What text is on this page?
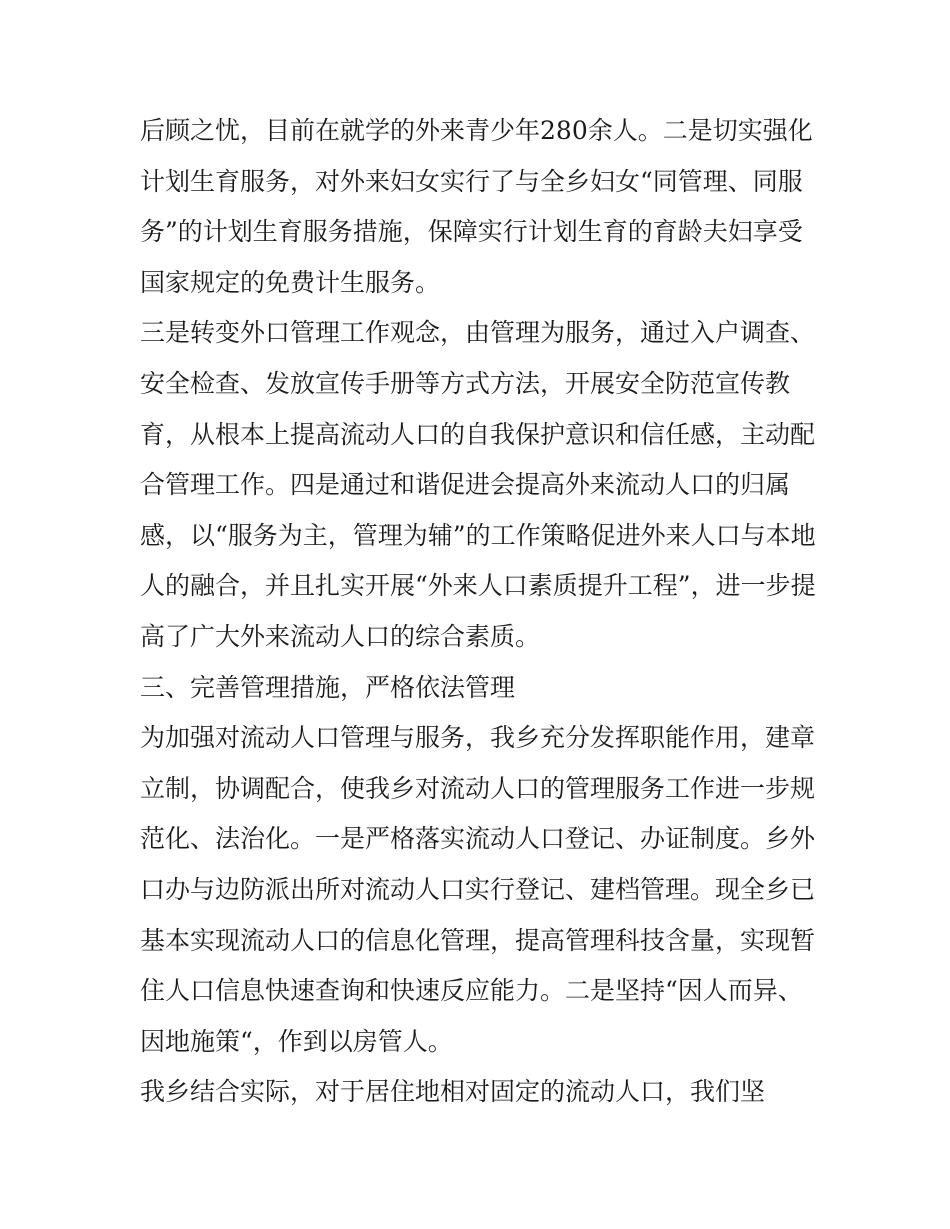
后顾之忧，目前在就学的外来青少年280余人。二是切实强化
计划生育服务，对外来妇女实行了与全乡妇女“同管理、同服
务”的计划生育服务措施，保障实行计划生育的育龄夫妇享受
国家规定的免费计生服务。
三是转变外口管理工作观念，由管理为服务，通过入户调查、
安全检查、发放宣传手册等方式方法，开展安全防范宣传教
育，从根本上提高流动人口的自我保护意识和信任感，主动配
合管理工作。四是通过和谐促进会提高外来流动人口的归属
感，以“服务为主，管理为辅”的工作策略促进外来人口与本地
人的融合，并且扎实开展“外来人口素质提升工程”，进一步提
高了广大外来流动人口的综合素质。
三、完善管理措施，严格依法管理
为加强对流动人口管理与服务，我乡充分发挥职能作用，建章
立制，协调配合，使我乡对流动人口的管理服务工作进一步规
范化、法治化。一是严格落实流动人口登记、办证制度。乡外
口办与边防派出所对流动人口实行登记、建档管理。现全乡已
基本实现流动人口的信息化管理，提高管理科技含量，实现暂
住人口信息快速查询和快速反应能力。二是坚持“因人而异、
因地施策“，作到以房管人。
我乡结合实际，对于居住地相对固定的流动人口，我们坚
